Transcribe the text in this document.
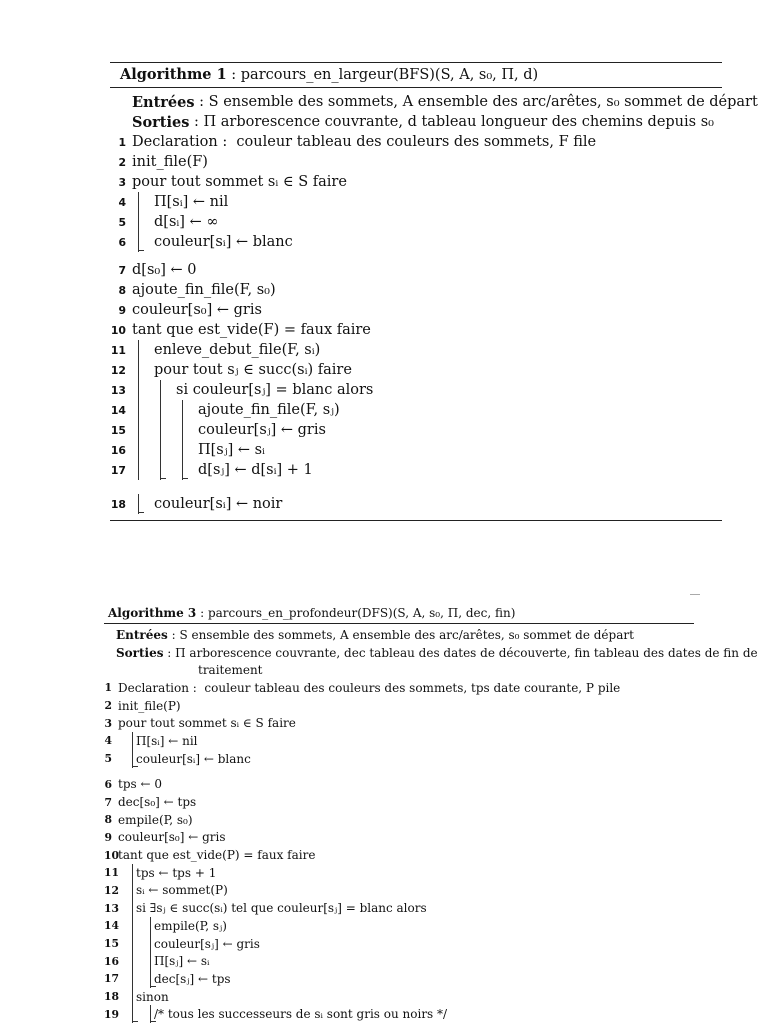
Algorithme 1 : parcours_en_largeur(BFS)(S, A, s₀, Π, d)
Entrées : S ensemble des sommets, A ensemble des arc/arêtes, s₀ sommet de départ
Sorties : Π arborescence couvrante, d tableau longueur des chemins depuis s₀
1 Declaration :  couleur tableau des couleurs des sommets, F file
2 init_file(F)
3 pour tout sommet sᵢ ∈ S faire
4	Π[sᵢ] ← nil
5	d[sᵢ] ← ∞
6	couleur[sᵢ] ← blanc
7 d[s₀] ← 0
8 ajoute_fin_file(F, s₀)
9 couleur[s₀] ← gris
10 tant que est_vide(F) = faux faire
11	enleve_debut_file(F, sᵢ)
12	pour tout sⱼ ∈ succ(sᵢ) faire
13	si couleur[sⱼ] = blanc alors
14	ajoute_fin_file(F, sⱼ)
15	couleur[sⱼ] ← gris
16	Π[sⱼ] ← sᵢ
17	d[sⱼ] ← d[sᵢ] + 1
18	couleur[sᵢ] ← noir
Algorithme 3 : parcours_en_profondeur(DFS)(S, A, s₀, Π, dec, fin)
Entrées : S ensemble des sommets, A ensemble des arc/arêtes, s₀ sommet de départ
Sorties : Π arborescence couvrante, dec tableau des dates de découverte, fin tableau des dates de fin de
traitement
1 Declaration :  couleur tableau des couleurs des sommets, tps date courante, P pile
2 init_file(P)
3 pour tout sommet sᵢ ∈ S faire
4	Π[sᵢ] ← nil
5	couleur[sᵢ] ← blanc
6 tps ← 0
7 dec[s₀] ← tps
8 empile(P, s₀)
9 couleur[s₀] ← gris
10
tant que est_vide(P) = faux faire
11	tps ← tps + 1
12	sᵢ ← sommet(P)
13	si ∃sⱼ ∈ succ(sᵢ) tel que couleur[sⱼ] = blanc alors
14	empile(P, sⱼ)
15	couleur[sⱼ] ← gris
16	Π[sⱼ] ← sᵢ
17	dec[sⱼ] ← tps
18	sinon
19	/* tous les successeurs de sᵢ sont gris ou noirs */
